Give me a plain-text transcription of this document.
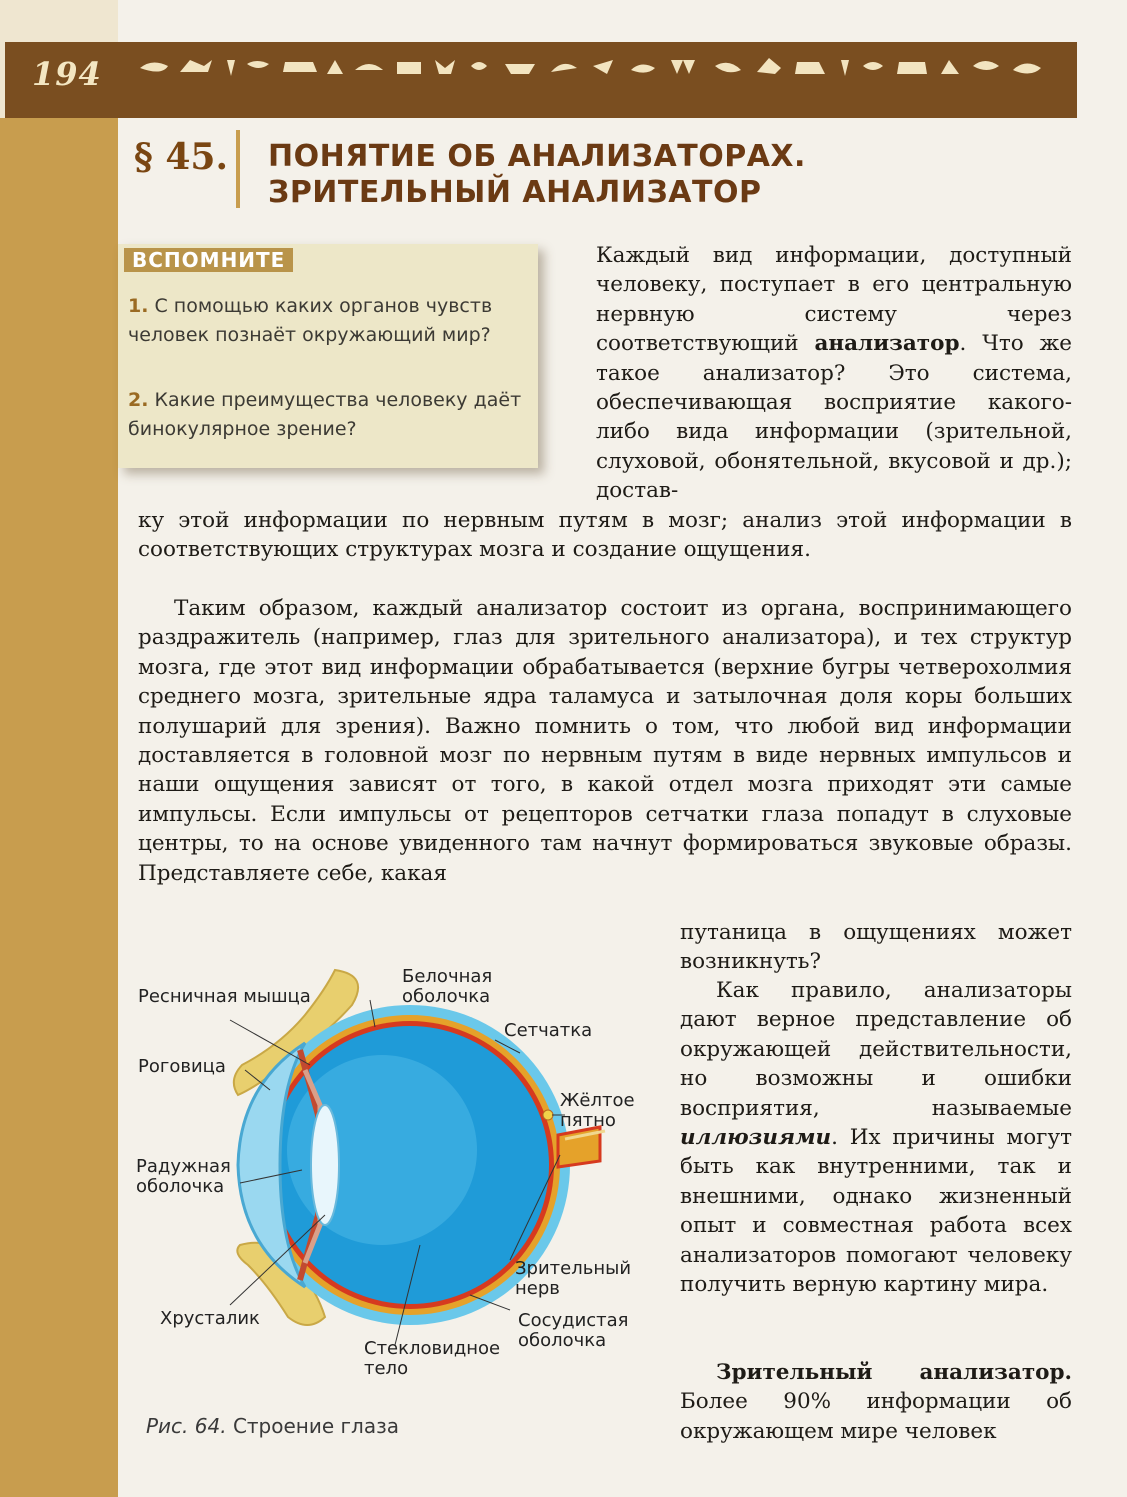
194
§ 45. ПОНЯТИЕ ОБ АНАЛИЗАТОРАХ.
ЗРИТЕЛЬНЫЙ АНАЛИЗАТОР
ВСПОМНИТЕ
1. С помощью каких органов чувств человек познаёт окружающий мир?
2. Какие преимущества человеку даёт бинокулярное зрение?
Каждый вид информации, доступный человеку, поступает в его центральную нервную систему через соответствующий анализатор. Что же такое анализатор? Это система, обеспечивающая восприятие какого-либо вида информации (зрительной, слуховой, обонятельной, вкусовой и др.); достав-
ку этой информации по нервным путям в мозг; анализ этой информации в соответствующих структурах мозга и создание ощущения.
Таким образом, каждый анализатор состоит из органа, воспринимающего раздражитель (например, глаз для зрительного анализатора), и тех структур мозга, где этот вид информации обрабатывается (верхние бугры четверохолмия среднего мозга, зрительные ядра таламуса и затылочная доля коры больших полушарий для зрения). Важно помнить о том, что любой вид информации доставляется в головной мозг по нервным путям в виде нервных импульсов и наши ощущения зависят от того, в какой отдел мозга приходят эти самые импульсы. Если импульсы от рецепторов сетчатки глаза попадут в слуховые центры, то на основе увиденного там начнут формироваться звуковые образы. Представляете себе, какая
путаница в ощущениях может возникнуть?
Как правило, анализаторы дают верное представление об окружающей действительности, но возможны и ошибки восприятия, называемые иллюзиями. Их причины могут быть как внутренними, так и внешними, однако жизненный опыт и совместная работа всех анализаторов помогают человеку получить верную картину мира.
Зрительный анализатор. Более 90% информации об окружающем мире человек
Ресничная мышца
Белочная оболочка
Сетчатка
Роговица
Жёлтое пятно
Радужная оболочка
Зрительный нерв
Хрусталик	Сосудистая оболочка
Стекловидное тело
Рис. 64. Строение глаза
